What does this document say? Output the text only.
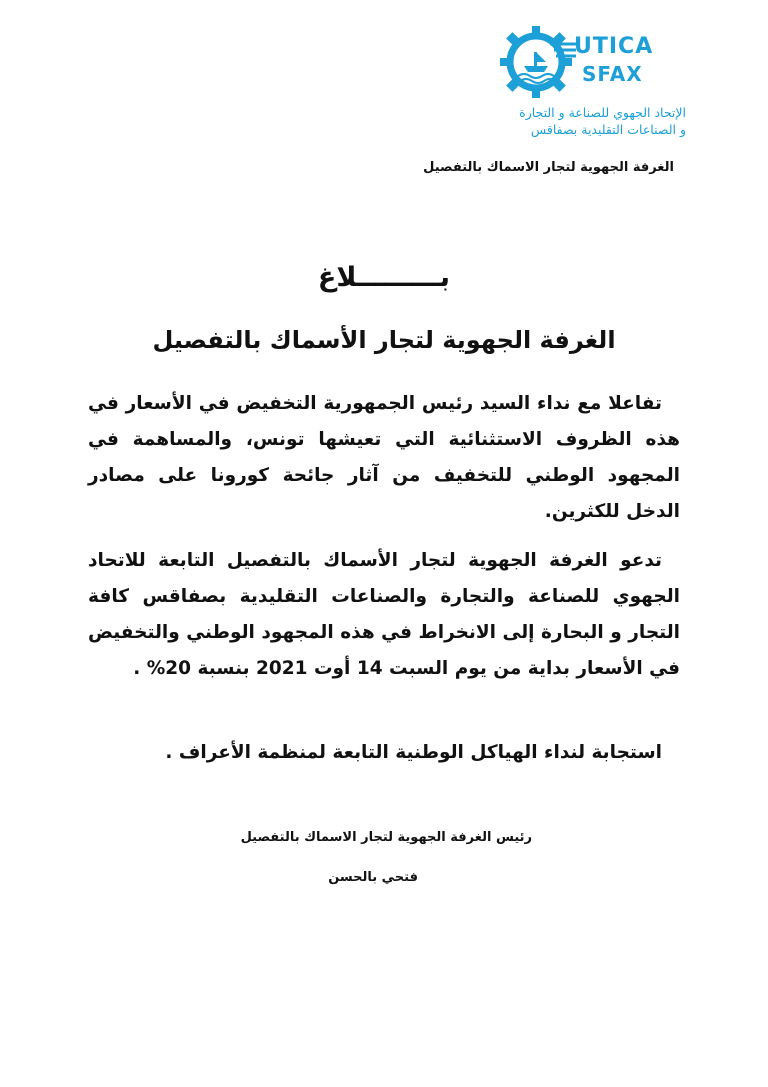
UTICA
SFAX
الإتحاد الجهوي للصناعة و التجارة
و الصناعات التقليدية بصفاقس
الغرفة الجهوية لتجار الاسماك بالتفصيل
بـــــــــلاغ
الغرفة الجهوية لتجار الأسماك بالتفصيل

تفاعلا مع نداء السيد رئيس الجمهورية التخفيض في الأسعار في هذه الظروف الاستثنائية التي تعيشها تونس، والمساهمة في المجهود الوطني للتخفيف من آثار جائحة كورونا على مصادر الدخل للكثرين.

تدعو الغرفة الجهوية لتجار الأسماك بالتفصيل التابعة للاتحاد الجهوي للصناعة والتجارة والصناعات التقليدية بصفاقس كافة التجار و البحارة إلى الانخراط في هذه المجهود الوطني والتخفيض في الأسعار بداية من يوم السبت 14 أوت 2021 بنسبة 20% .

استجابة لنداء الهياكل الوطنية التابعة لمنظمة الأعراف .

رئيس الغرفة الجهوية لتجار الاسماك بالتفصيل
فتحي بالحسن
